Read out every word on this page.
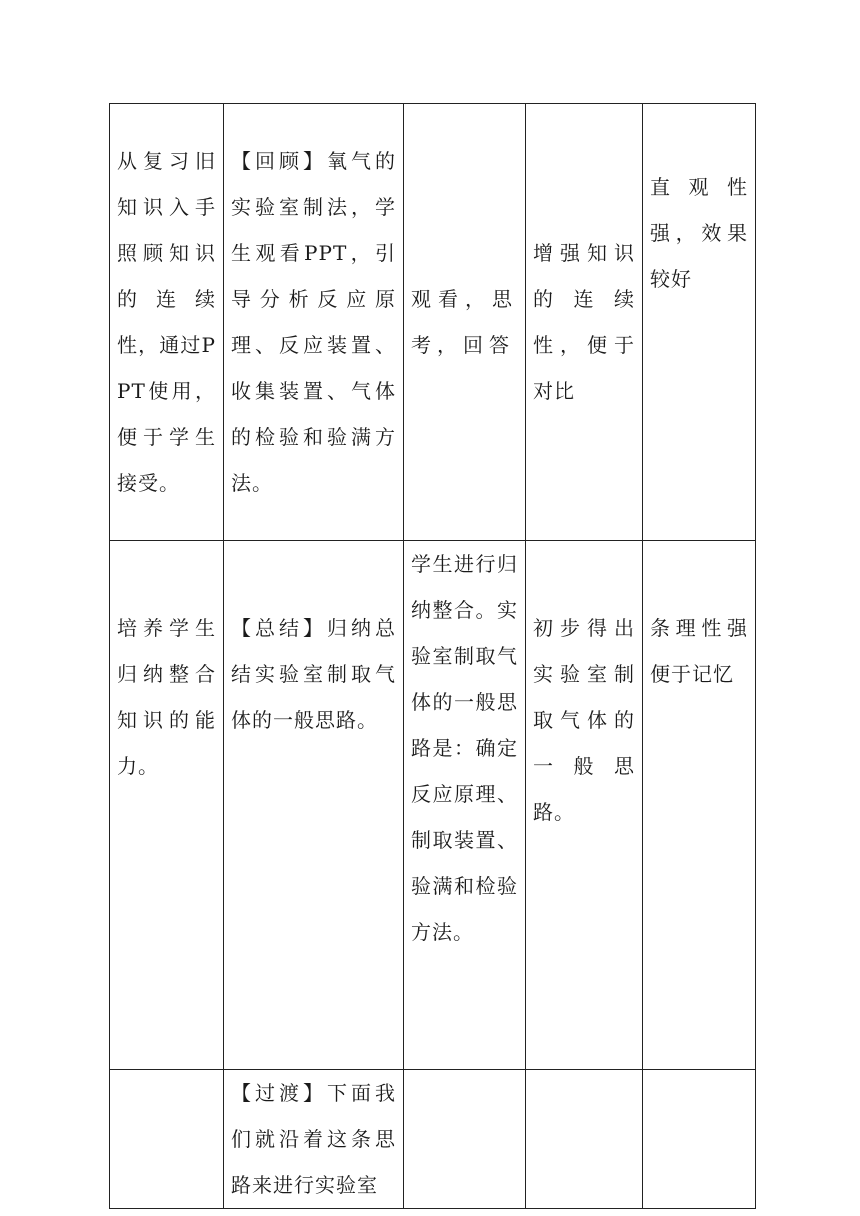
从复习旧知识入手照顾知识的连续性，通过PPT使用，便于学生接受。	【回顾】氧气的实验室制法，学生观看PPT，引导分析反应原理、反应装置、收集装置、气体的检验和验满方法。	观看，思考，回答	增强知识的连续性，便于对比	直观性强，效果较好

培养学生归纳整合知识的能力。	【总结】归纳总结实验室制取气体的一般思路。	学生进行归纳整合。实验室制取气体的一般思路是：确定反应原理、制取装置、验满和检验方法。	初步得出实验室制取气体的一般思路。	条理性强便于记忆

	【过渡】下面我们就沿着这条思路来进行实验室			
